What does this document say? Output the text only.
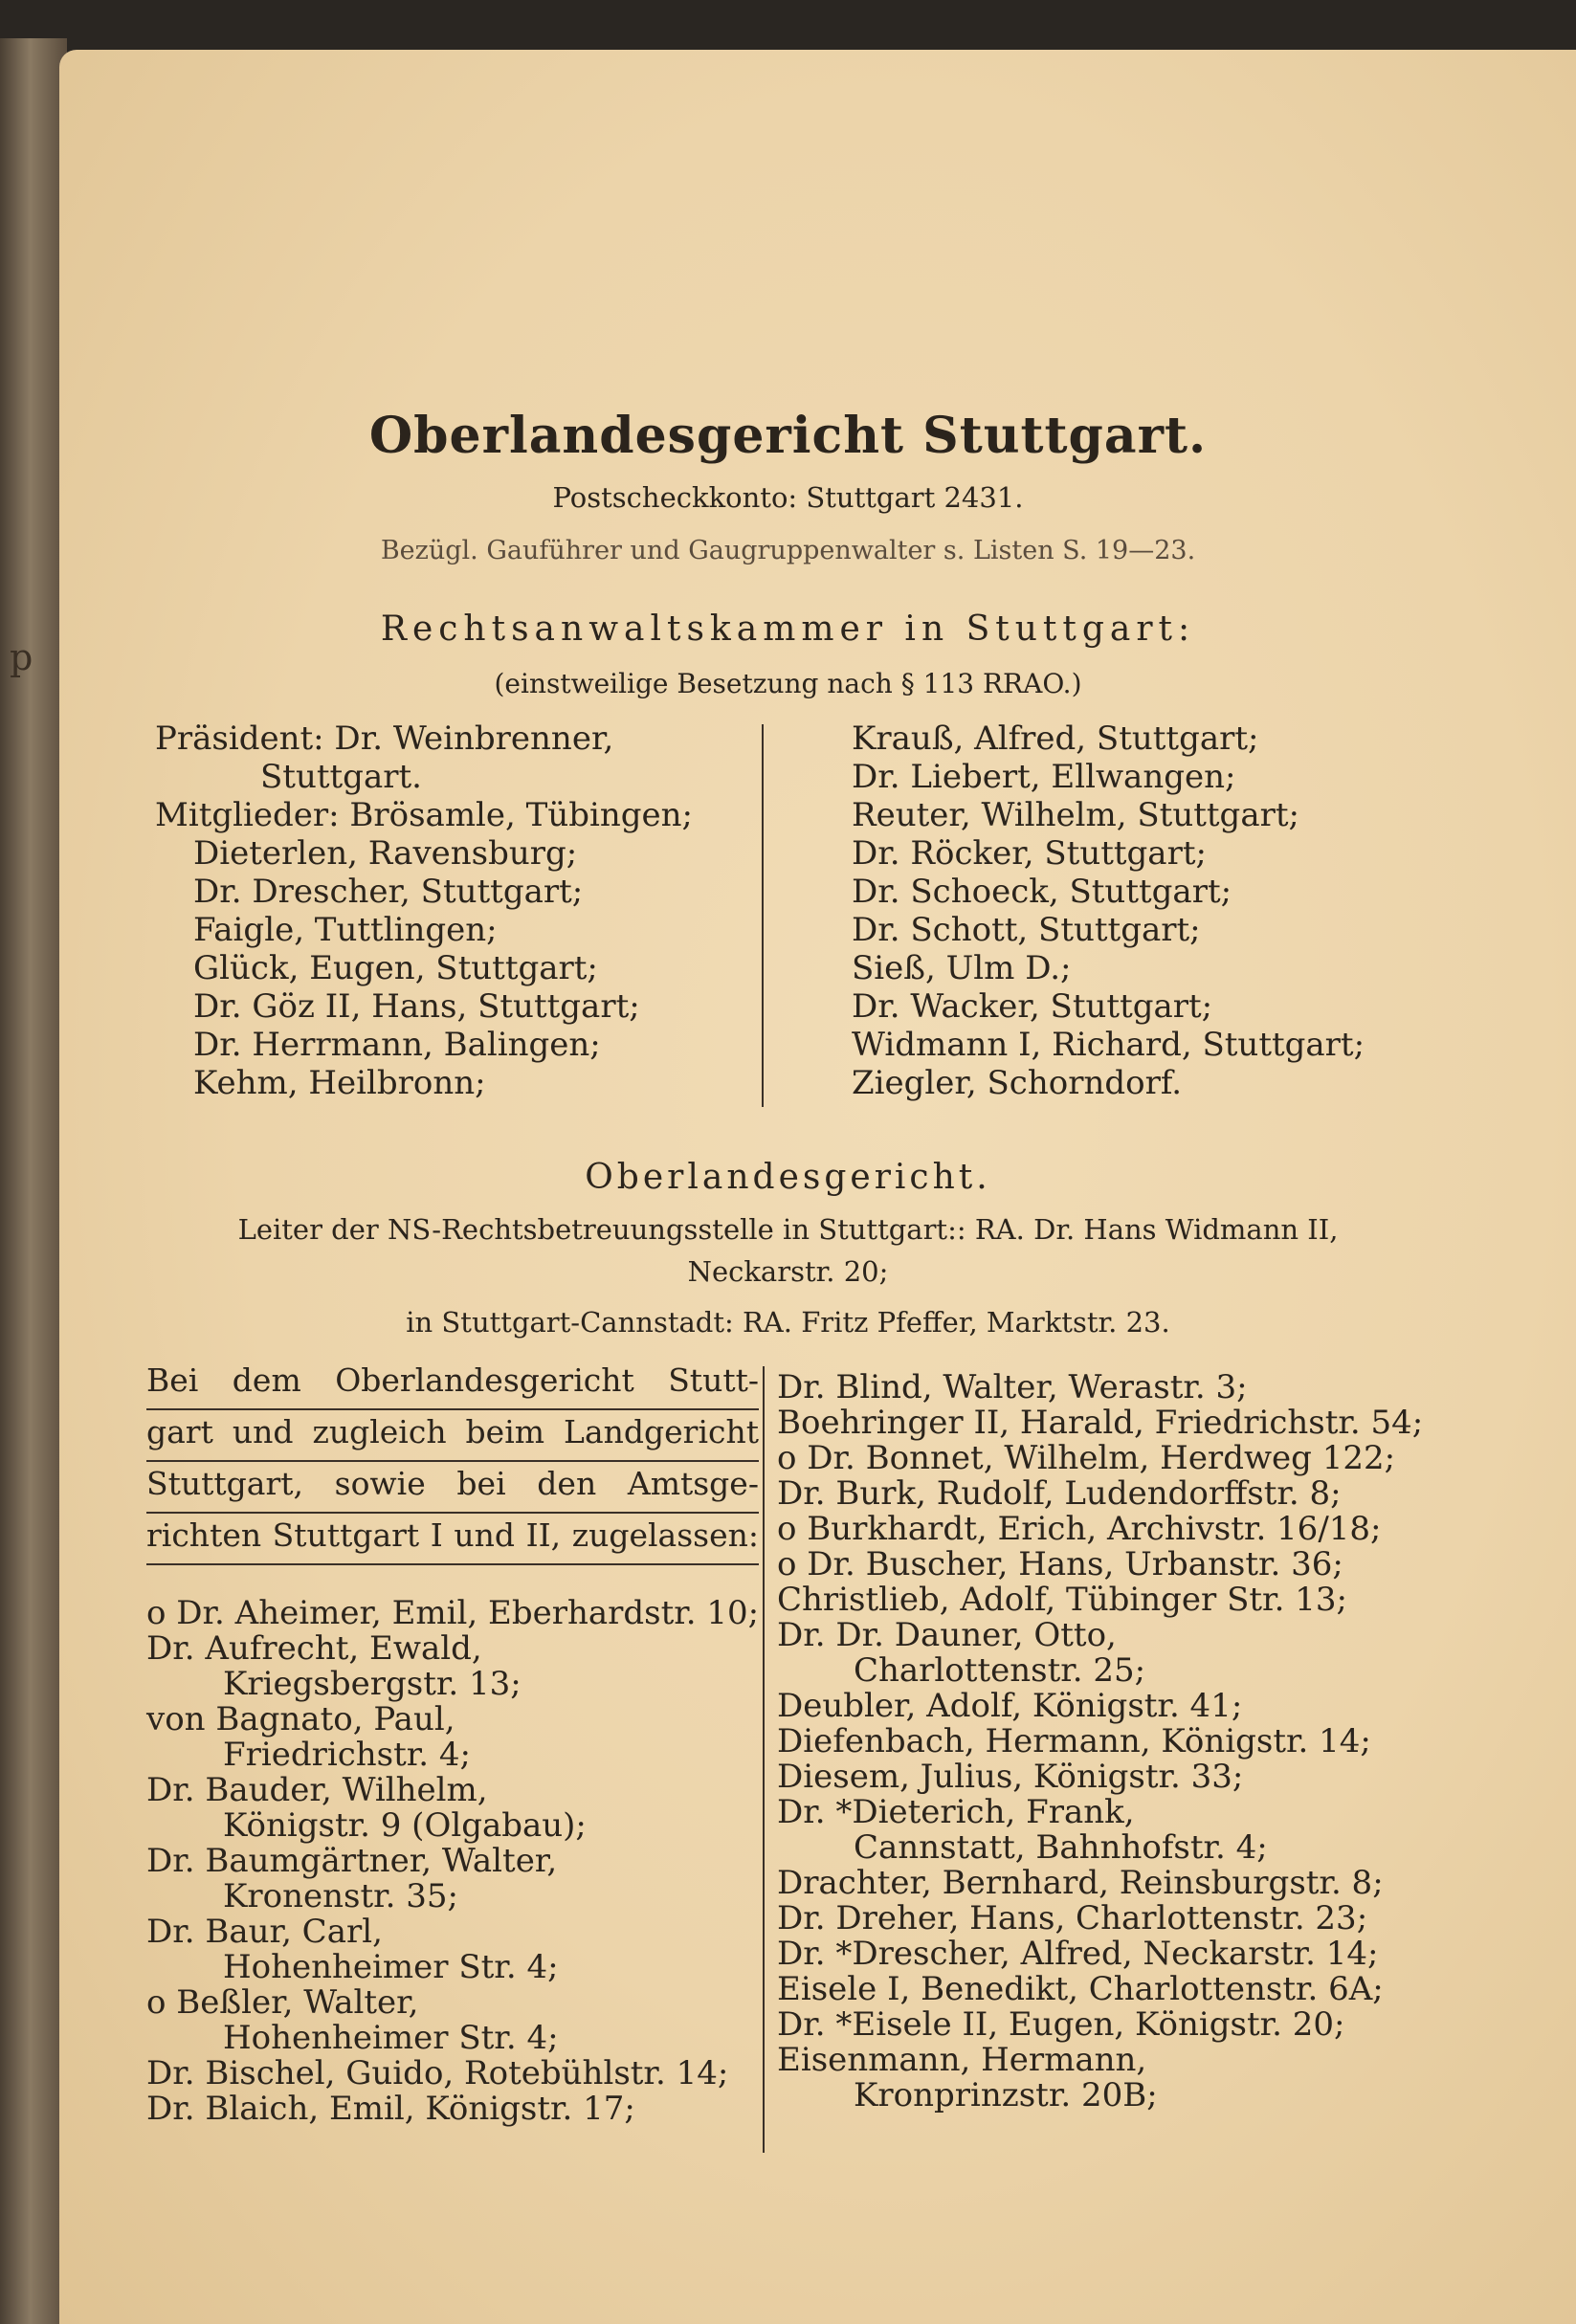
p
Oberlandesgericht Stuttgart.
Postscheckkonto: Stuttgart 2431.
Bezügl. Gauführer und Gaugruppenwalter s. Listen S. 19—23.
Rechtsanwaltskammer in Stuttgart:
(einstweilige Besetzung nach § 113 RRAO.)
Präsident: Dr. Weinbrenner,
Stuttgart.
Mitglieder: Brösamle, Tübingen;
Dieterlen, Ravensburg;
Dr. Drescher, Stuttgart;
Faigle, Tuttlingen;
Glück, Eugen, Stuttgart;
Dr. Göz II, Hans, Stuttgart;
Dr. Herrmann, Balingen;
Kehm, Heilbronn;
Krauß, Alfred, Stuttgart;
Dr. Liebert, Ellwangen;
Reuter, Wilhelm, Stuttgart;
Dr. Röcker, Stuttgart;
Dr. Schoeck, Stuttgart;
Dr. Schott, Stuttgart;
Sieß, Ulm D.;
Dr. Wacker, Stuttgart;
Widmann I, Richard, Stuttgart;
Ziegler, Schorndorf.
Oberlandesgericht.
Leiter der NS-Rechtsbetreuungsstelle in Stuttgart:: RA. Dr. Hans Widmann II,
Neckarstr. 20;
in Stuttgart-Cannstadt: RA. Fritz Pfeffer, Marktstr. 23.
Bei dem Oberlandesgericht Stutt-
gart und zugleich beim Landgericht
Stuttgart, sowie bei den Amtsge-
richten Stuttgart I und II, zugelassen:
o Dr. Aheimer, Emil, Eberhardstr. 10;
Dr. Aufrecht, Ewald,
Kriegsbergstr. 13;
von Bagnato, Paul,
Friedrichstr. 4;
Dr. Bauder, Wilhelm,
Königstr. 9 (Olgabau);
Dr. Baumgärtner, Walter,
Kronenstr. 35;
Dr. Baur, Carl,
Hohenheimer Str. 4;
o Beßler, Walter,
Hohenheimer Str. 4;
Dr. Bischel, Guido, Rotebühlstr. 14;
Dr. Blaich, Emil, Königstr. 17;
Dr. Blind, Walter, Werastr. 3;
Boehringer II, Harald, Friedrichstr. 54;
o Dr. Bonnet, Wilhelm, Herdweg 122;
Dr. Burk, Rudolf, Ludendorffstr. 8;
o Burkhardt, Erich, Archivstr. 16/18;
o Dr. Buscher, Hans, Urbanstr. 36;
Christlieb, Adolf, Tübinger Str. 13;
Dr. Dr. Dauner, Otto,
Charlottenstr. 25;
Deubler, Adolf, Königstr. 41;
Diefenbach, Hermann, Königstr. 14;
Diesem, Julius, Königstr. 33;
Dr. *Dieterich, Frank,
Cannstatt, Bahnhofstr. 4;
Drachter, Bernhard, Reinsburgstr. 8;
Dr. Dreher, Hans, Charlottenstr. 23;
Dr. *Drescher, Alfred, Neckarstr. 14;
Eisele I, Benedikt, Charlottenstr. 6A;
Dr. *Eisele II, Eugen, Königstr. 20;
Eisenmann, Hermann,
Kronprinzstr. 20B;
